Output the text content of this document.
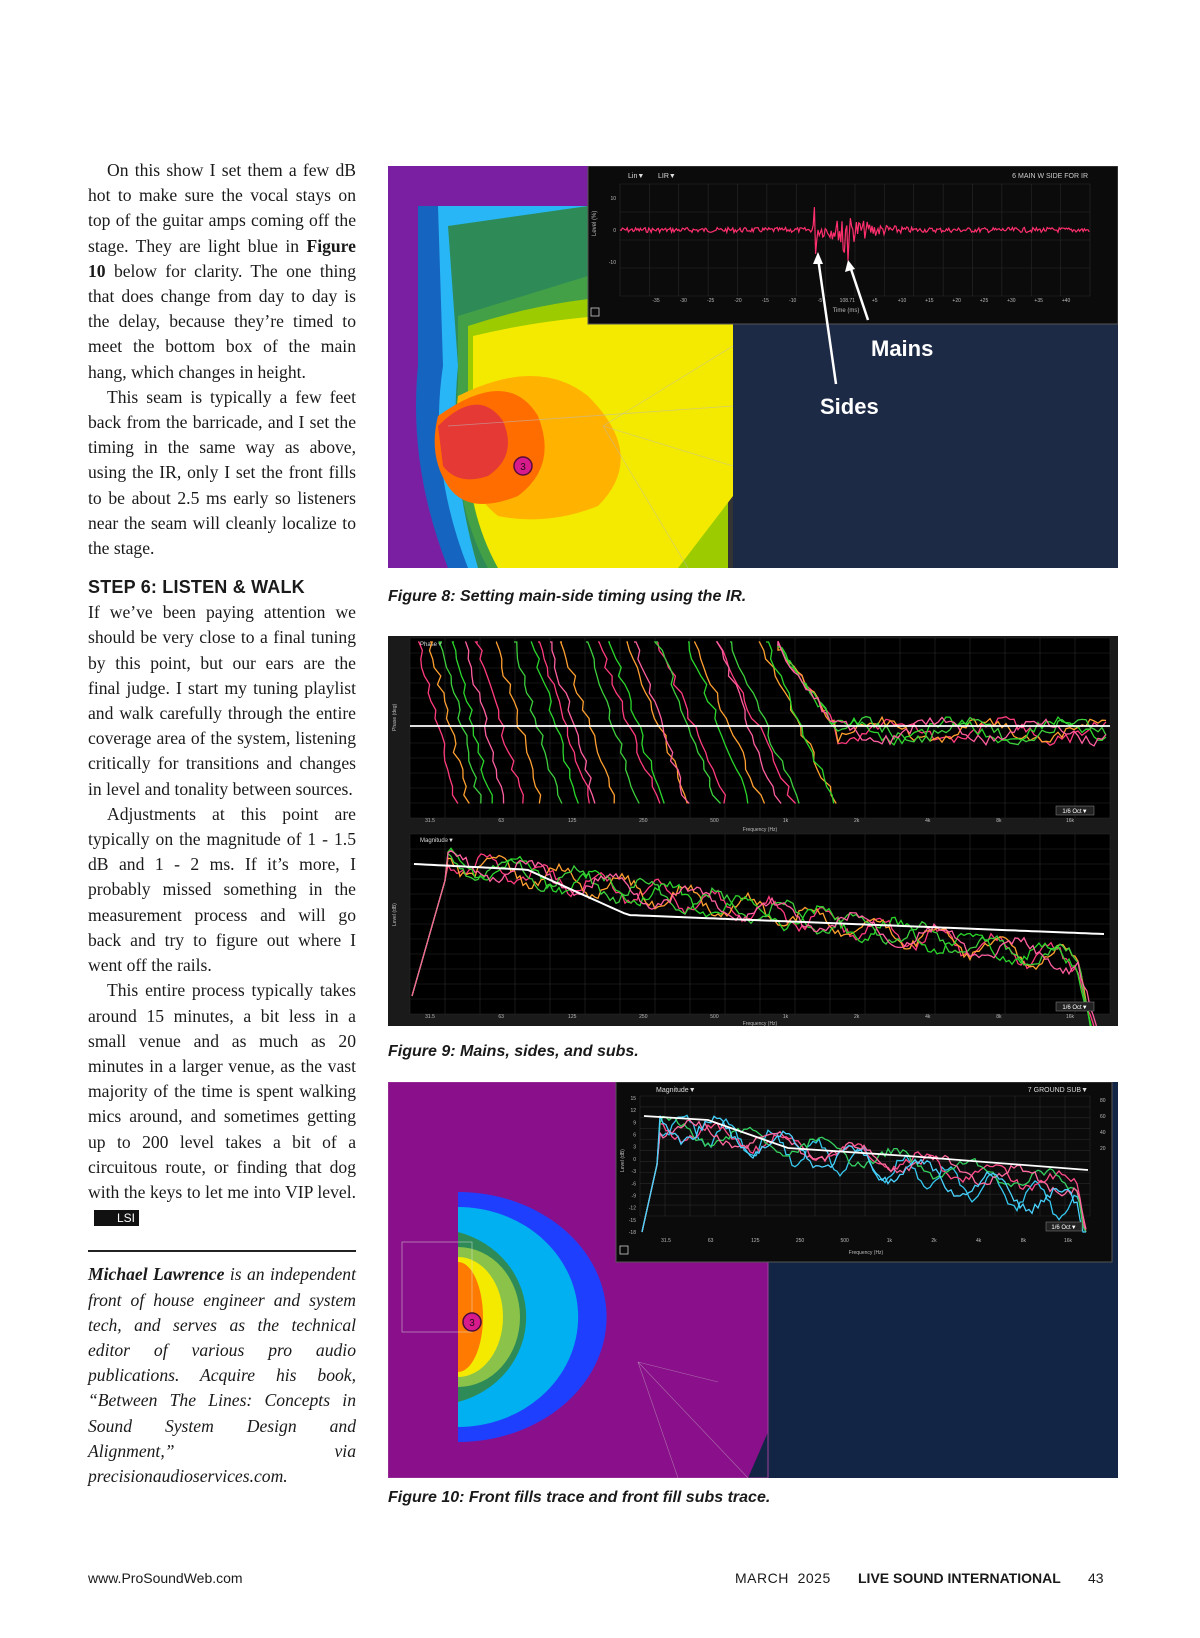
On this show I set them a few dB hot to make sure the vocal stays on top of the guitar amps coming off the stage. They are light blue in Figure 10 below for clarity. The one thing that does change from day to day is the delay, because they’re timed to meet the bottom box of the main hang, which changes in height.

This seam is typically a few feet back from the barricade, and I set the timing in the same way as above, using the IR, only I set the front fills to be about 2.5 ms early so listeners near the seam will cleanly localize to the stage.

STEP 6: LISTEN & WALK

If we’ve been paying attention we should be very close to a final tuning by this point, but our ears are the final judge. I start my tuning playlist and walk carefully through the entire coverage area of the system, listening critically for transitions and changes in level and tonality between sources.

Adjustments at this point are typically on the magnitude of 1 - 1.5 dB and 1 - 2 ms. If it’s more, I probably missed something in the measurement process and will go back and try to figure out where I went off the rails.

This entire process typically takes around 15 minutes, a bit less in a small venue and as much as 20 minutes in a larger venue, as the vast majority of the time is spent walking mics around, and sometimes getting up to 200 level takes a bit of a circuitous route, or finding that dog with the keys to let me into VIP level.LSI

Michael Lawrence is an independent front of house engineer and system tech, and serves as the technical editor of various pro audio publications. Acquire his book, “Between The Lines: Concepts in Sound System Design and Alignment,” via precisionaudioservices.com.

3
Lin▼ LIR▼	6 MAIN W SIDE FOR IR
Level (%)
10
0
-10
-35	-30	-25	-20	-15	-10	-5	108.71	+5	+10	+15	+20	+25	+30	+35	+40
Time (ms)
Mains
Sides
Figure 8: Setting main-side timing using the IR.
Phase▼
Phase (deg)
1/6 Oct▼
31.5	63	125	250	500	1k	2k	4k	8k	16k
Frequency (Hz)
Magnitude▼
Level (dB)
1/6 Oct▼
31.5	63	125	250	500	1k	2k	4k	8k	16k
Frequency (Hz)
Figure 9: Mains, sides, and subs.
3
Magnitude▼	7 GROUND SUB▼
Level (dB)
15
12
9
6
3
0
-3
-6
-9
-12
-15
-18
80
60
40
20
1/6 Oct▼
31.5	63	125	250	500	1k	2k	4k	8k	16k
Frequency (Hz)
Figure 10: Front fills trace and front fill subs trace.
www.ProSoundWeb.com	MARCH  2025 LIVE SOUND INTERNATIONAL 43
